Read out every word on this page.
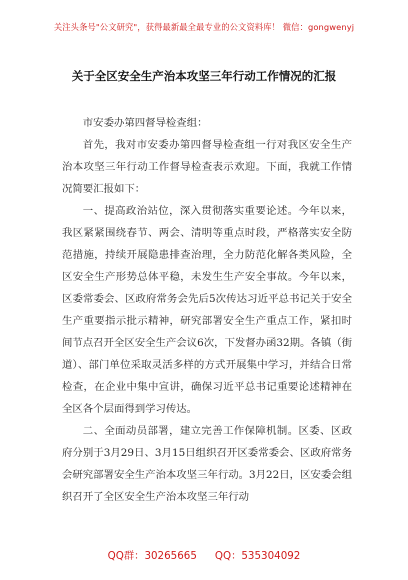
关注头条号"公文研究"，获得最新最全最专业的公文资料库！ 微信：gongwenyj
关于全区安全生产治本攻坚三年行动工作情况的汇报

市安委办第四督导检查组：

首先，我对市安委办第四督导检查组一行对我区安全生产治本攻坚三年行动工作督导检查表示欢迎。下面，我就工作情况简要汇报如下：

一、提高政治站位，深入贯彻落实重要论述。今年以来，我区紧紧围绕春节、两会、清明等重点时段，严格落实安全防范措施，持续开展隐患排查治理，全力防范化解各类风险，全区安全生产形势总体平稳，未发生生产安全事故。今年以来，区委常委会、区政府常务会先后5次传达习近平总书记关于安全生产重要指示批示精神，研究部署安全生产重点工作，紧扣时间节点召开全区安全生产会议6次，下发督办函32期。各镇（街道）、部门单位采取灵活多样的方式开展集中学习，并结合日常检查，在企业中集中宣讲，确保习近平总书记重要论述精神在全区各个层面得到学习传达。

二、全面动员部署，建立完善工作保障机制。区委、区政府分别于3月29日、3月15日组织召开区委常委会、区政府常务会研究部署安全生产治本攻坚三年行动。3月22日，区安委会组织召开了全区安全生产治本攻坚三年行动

QQ群：30265665 QQ：535304092
